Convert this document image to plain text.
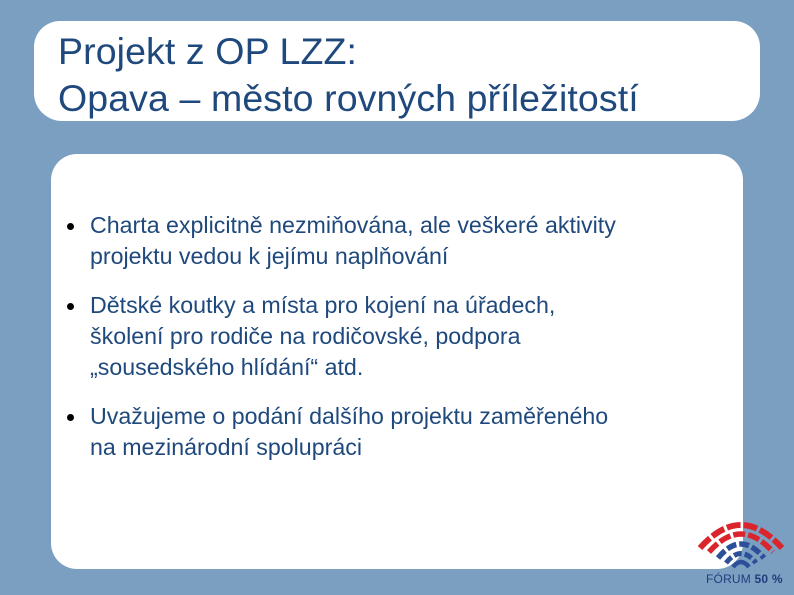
Projekt z OP LZZ:
Opava – město rovných příležitostí
Charta explicitně nezmiňována, ale veškeré aktivity
projektu vedou k jejímu naplňování
Dětské koutky a místa pro kojení na úřadech,
školení pro rodiče na rodičovské, podpora
„sousedského hlídání“ atd.
Uvažujeme o podání dalšího projektu zaměřeného
na mezinárodní spolupráci
FÓRUM 50 %
